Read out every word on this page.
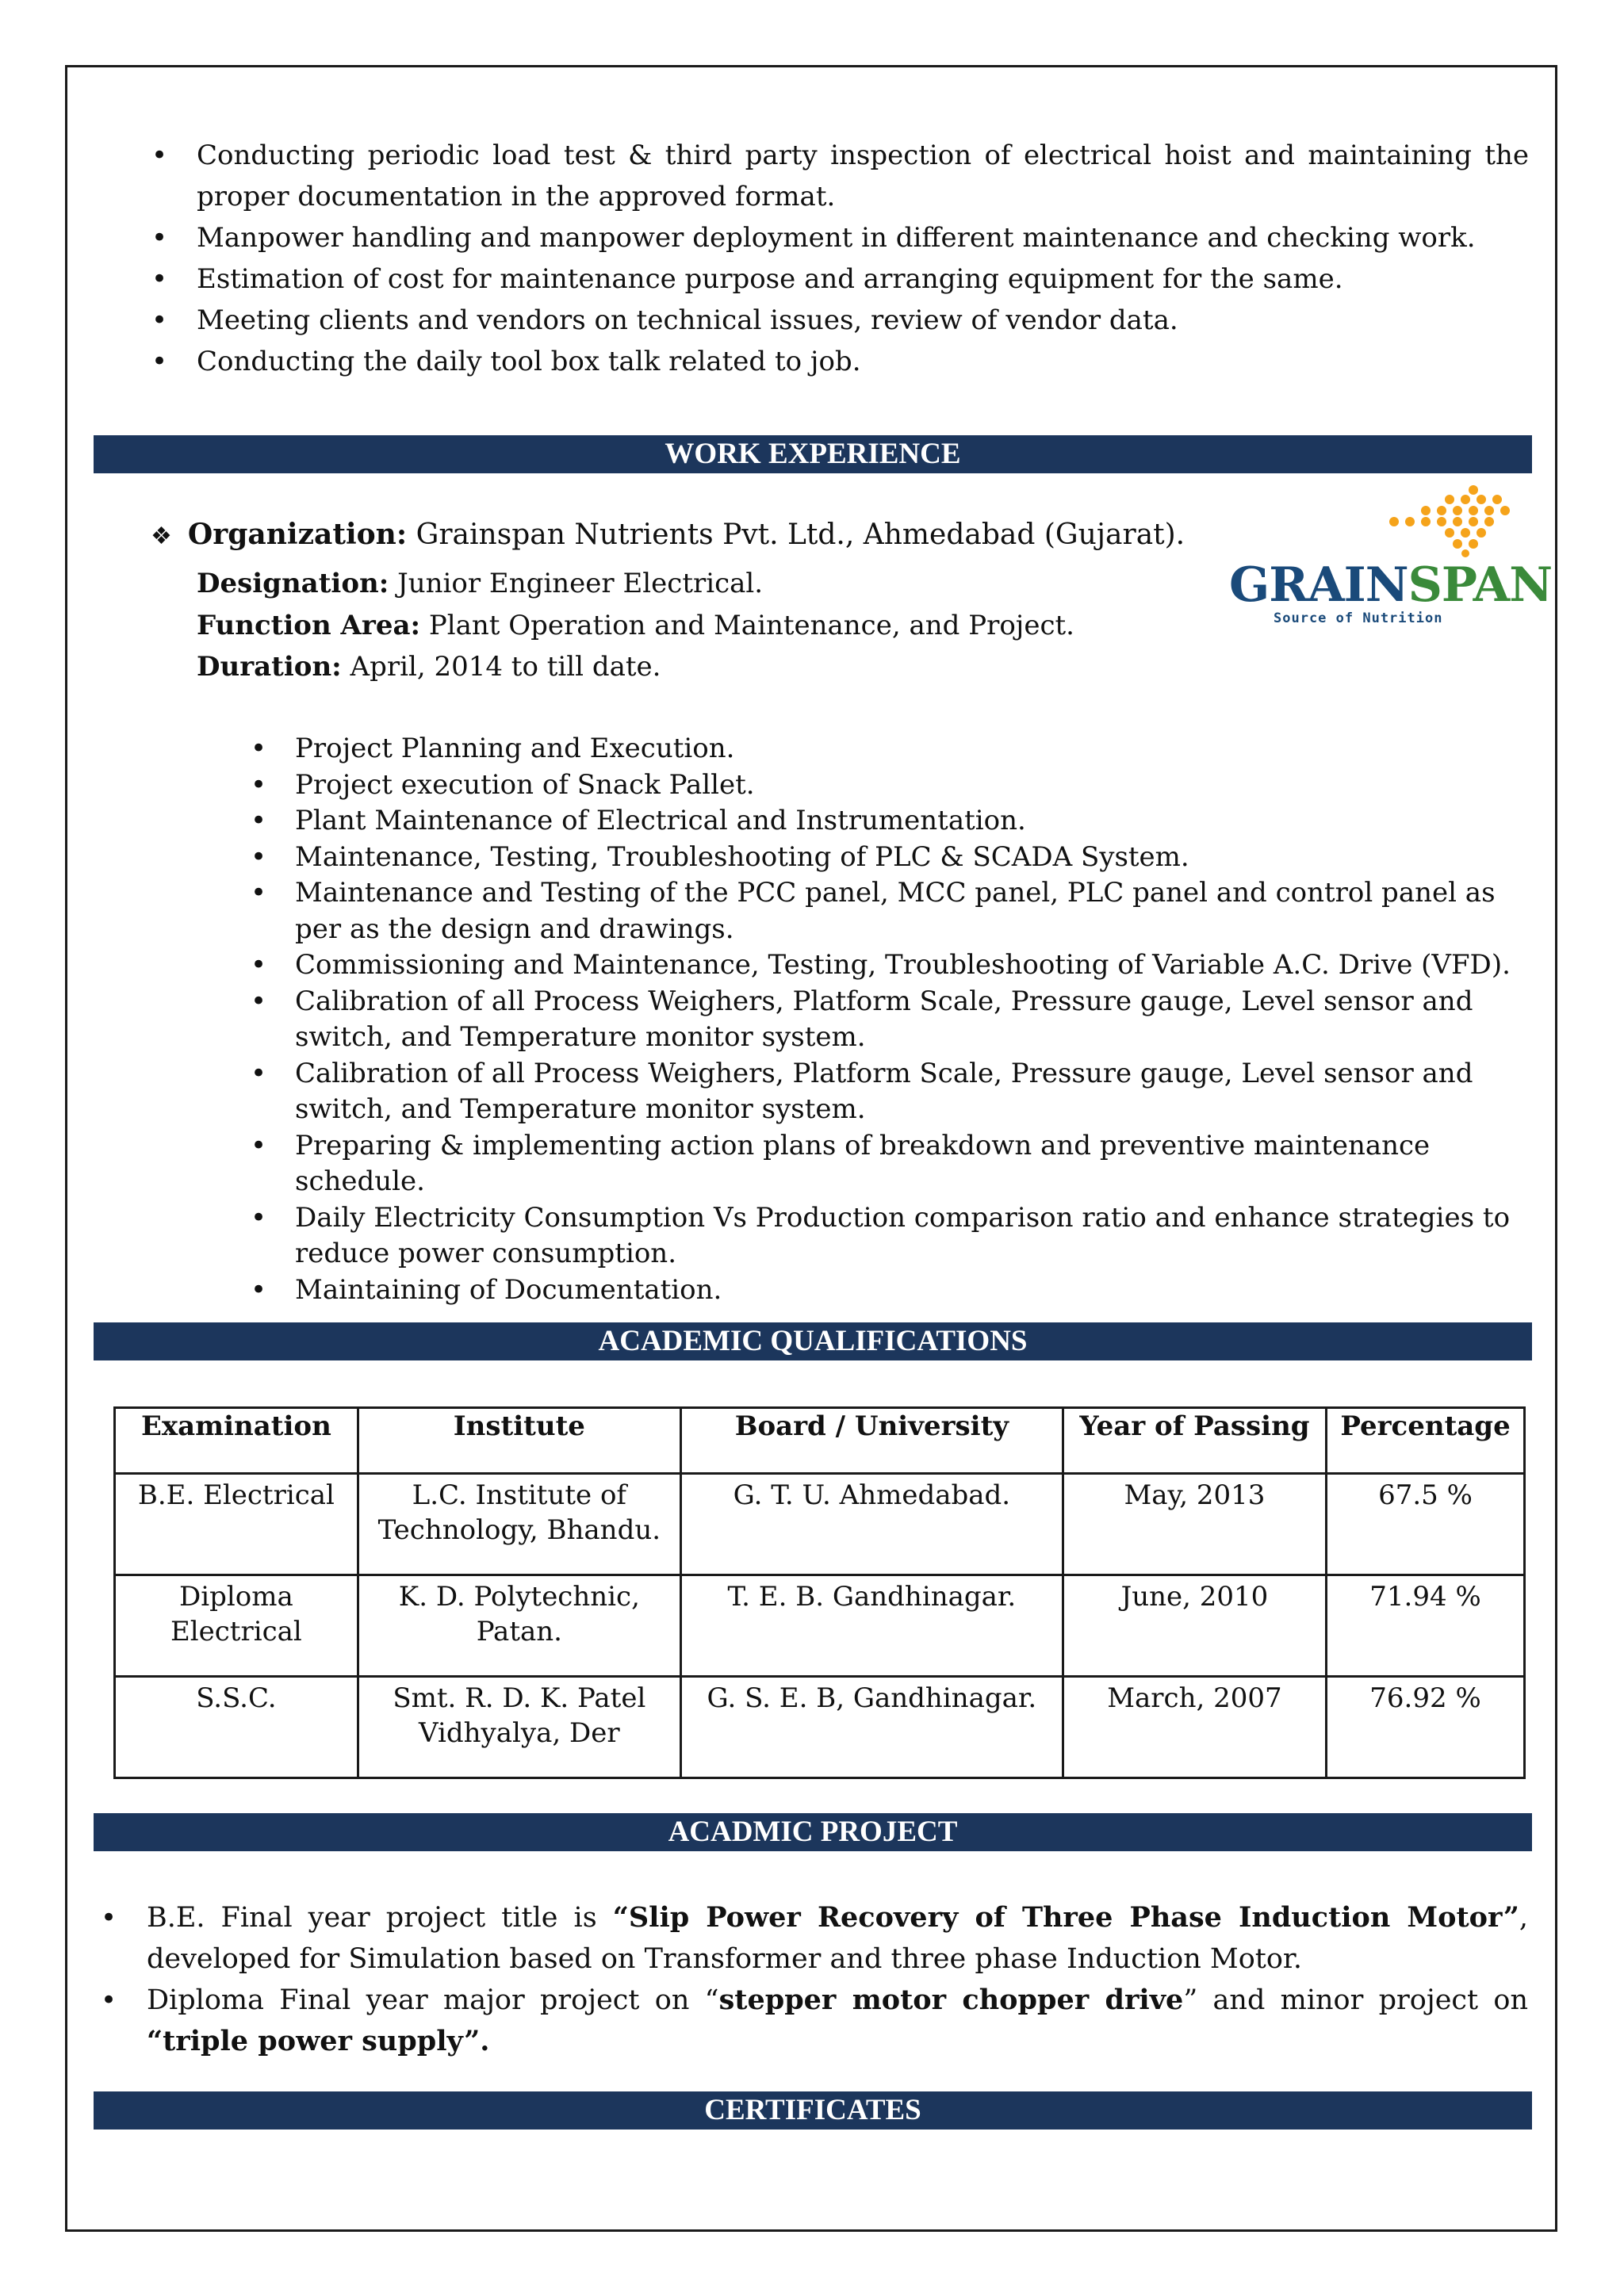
• Conducting periodic load test & third party inspection of electrical hoist and maintaining the proper documentation in the approved format.
• Manpower handling and manpower deployment in different maintenance and checking work.
• Estimation of cost for maintenance purpose and arranging equipment for the same.
• Meeting clients and vendors on technical issues, review of vendor data.
• Conducting the daily tool box talk related to job.
WORK EXPERIENCE
❖ Organization: Grainspan Nutrients Pvt. Ltd., Ahmedabad (Gujarat).
Designation: Junior Engineer Electrical.
Function Area: Plant Operation and Maintenance, and Project.
Duration: April, 2014 to till date.
GRAINSPAN
Source of Nutrition
• Project Planning and Execution.
• Project execution of Snack Pallet.
• Plant Maintenance of Electrical and Instrumentation.
• Maintenance, Testing, Troubleshooting of PLC & SCADA System.
• Maintenance and Testing of the PCC panel, MCC panel, PLC panel and control panel as per as the design and drawings.
• Commissioning and Maintenance, Testing, Troubleshooting of Variable A.C. Drive (VFD).
• Calibration of all Process Weighers, Platform Scale, Pressure gauge, Level sensor and switch, and Temperature monitor system.
• Calibration of all Process Weighers, Platform Scale, Pressure gauge, Level sensor and switch, and Temperature monitor system.
• Preparing & implementing action plans of breakdown and preventive maintenance schedule.
• Daily Electricity Consumption Vs Production comparison ratio and enhance strategies to reduce power consumption.
• Maintaining of Documentation.
ACADEMIC QUALIFICATIONS
Examination	Institute	Board / University	Year of Passing	Percentage
B.E. Electrical	L.C. Institute of Technology, Bhandu.	G. T. U. Ahmedabad.	May, 2013	67.5 %
Diploma Electrical	K. D. Polytechnic, Patan.	T. E. B. Gandhinagar.	June, 2010	71.94 %
S.S.C.	Smt. R. D. K. Patel Vidhyalya, Der	G. S. E. B, Gandhinagar.	March, 2007	76.92 %
ACADMIC PROJECT
• B.E. Final year project title is “Slip Power Recovery of Three Phase Induction Motor”, developed for Simulation based on Transformer and three phase Induction Motor.
• Diploma Final year major project on “stepper motor chopper drive” and minor project on “triple power supply”.
CERTIFICATES
